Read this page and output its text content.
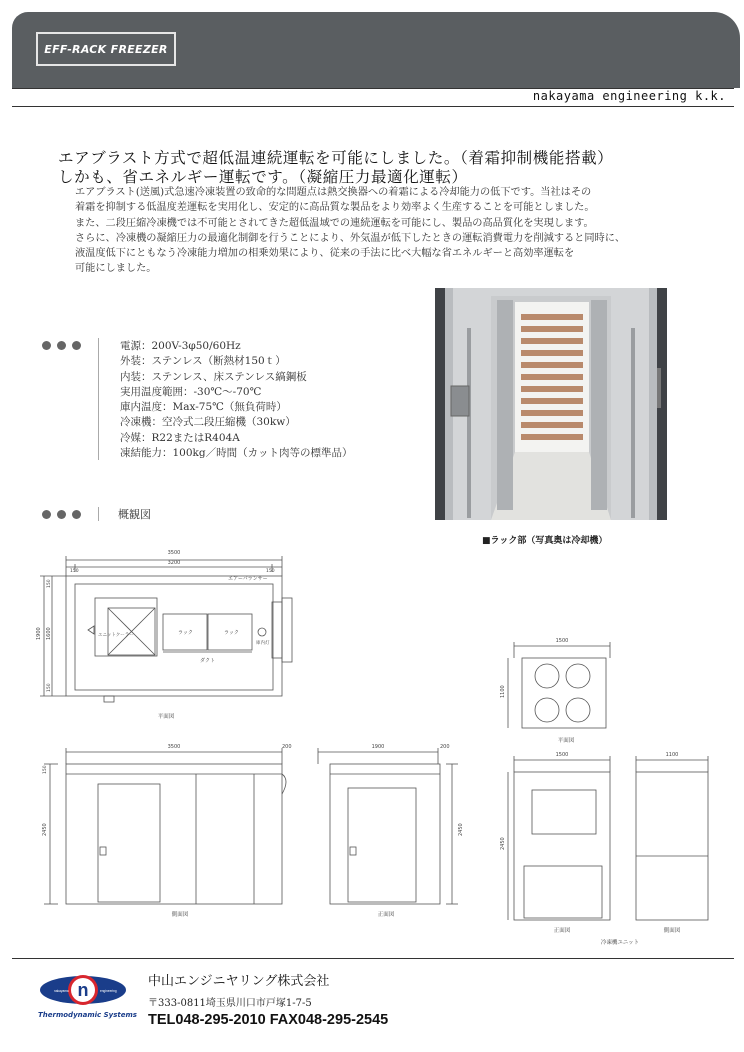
EFF-RACK FREEZER
nakayama engineering k.k.
エアブラスト方式で超低温連続運転を可能にしました。（着霜抑制機能搭載）
しかも、省エネルギー運転です。（凝縮圧力最適化運転）
エアブラスト(送風)式急速冷凍装置の致命的な問題点は熱交換器への着霜による冷却能力の低下です。当社はその
着霜を抑制する低温度差運転を実用化し、安定的に高品質な製品をより効率よく生産することを可能としました。
また、二段圧縮冷凍機では不可能とされてきた超低温域での連続運転を可能にし、製品の高品質化を実現します。
さらに、冷凍機の凝縮圧力の最適化制御を行うことにより、外気温が低下したときの運転消費電力を削減すると同時に、
液温度低下にともなう冷凍能力増加の相乗効果により、従来の手法に比べ大幅な省エネルギーと高効率運転を
可能にしました。
電源：200V-3φ50/60Hz
外装：ステンレス（断熱材150ｔ）
内装：ステンレス、床ステンレス縞鋼板
実用温度範囲：-30℃〜-70℃
庫内温度：Max-75℃（無負荷時）
冷凍機：空冷式二段圧縮機（30kw）
冷媒：R22またはR404A
凍結能力：100kg／時間（カット肉等の標準品）
概観図
■ラック部（写真奥は冷却機）
3500
3200
150	150
1900 1600
150
150
エアーバランサー
ユニットクーラー	ラック	ラック
ダクト
庫内灯
平面図
3500	200
2450
150
側面図
1900	200
2450
正面図
1500
1100
平面図
1500
2450
正面図
1100
側面図
冷凍機ユニット
n
nakayama	engineering
Thermodynamic Systems
中山エンジニヤリング株式会社
〒333-0811埼玉県川口市戸塚1-7-5
TEL048-295-2010 FAX048-295-2545
